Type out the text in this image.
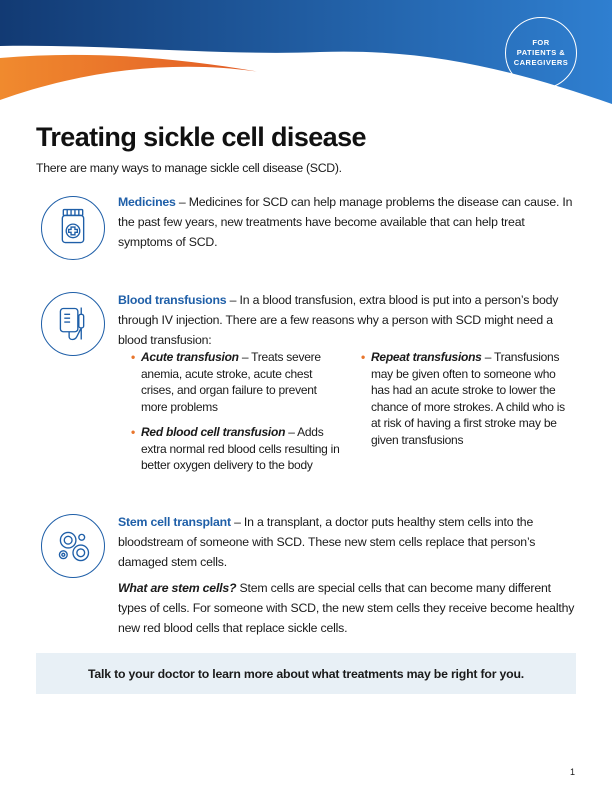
FOR
PATIENTS &
CAREGIVERS
Treating sickle cell disease

There are many ways to manage sickle cell disease (SCD).

Medicines – Medicines for SCD can help manage problems the disease can cause. In the past few years, new treatments have become available that can help treat symptoms of SCD.

Blood transfusions – In a blood transfusion, extra blood is put into a person’s body through IV injection. There are a few reasons why a person with SCD might need a blood transfusion:

• Acute transfusion – Treats severe anemia, acute stroke, acute chest crises, and organ failure to prevent more problems
• Red blood cell transfusion – Adds extra normal red blood cells resulting in better oxygen delivery to the body
• Repeat transfusions – Transfusions may be given often to someone who has had an acute stroke to lower the chance of more strokes. A child who is at risk of having a first stroke may be given transfusions

Stem cell transplant – In a transplant, a doctor puts healthy stem cells into the bloodstream of someone with SCD. These new stem cells replace that person’s damaged stem cells.

What are stem cells? Stem cells are special cells that can become many different types of cells. For someone with SCD, the new stem cells they receive become healthy new red blood cells that replace sickle cells.

Talk to your doctor to learn more about what treatments may be right for you.
1
